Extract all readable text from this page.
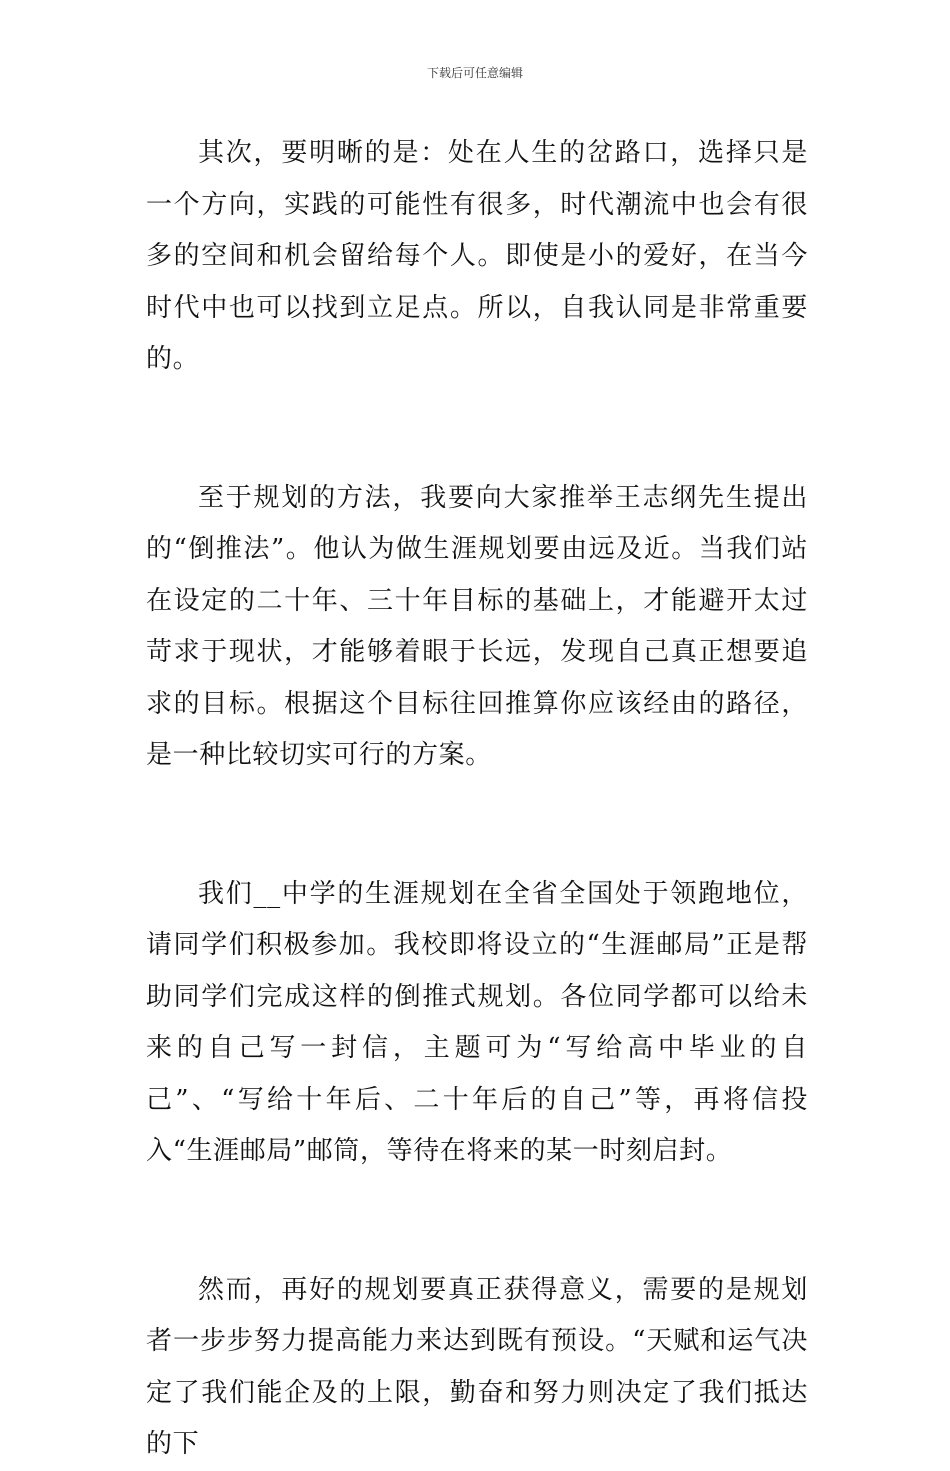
下载后可任意编辑

其次，要明晰的是：处在人生的岔路口，选择只是一个方向，实践的可能性有很多，时代潮流中也会有很多的空间和机会留给每个人。即使是小的爱好，在当今时代中也可以找到立足点。所以，自我认同是非常重要的。

至于规划的方法，我要向大家推举王志纲先生提出的“倒推法”。他认为做生涯规划要由远及近。当我们站在设定的二十年、三十年目标的基础上，才能避开太过苛求于现状，才能够着眼于长远，发现自己真正想要追求的目标。根据这个目标往回推算你应该经由的路径，是一种比较切实可行的方案。

我们__中学的生涯规划在全省全国处于领跑地位，请同学们积极参加。我校即将设立的“生涯邮局”正是帮助同学们完成这样的倒推式规划。各位同学都可以给未来的自己写一封信，主题可为“写给高中毕业的自己”、“写给十年后、二十年后的自己”等，再将信投入“生涯邮局”邮筒，等待在将来的某一时刻启封。

然而，再好的规划要真正获得意义，需要的是规划者一步步努力提高能力来达到既有预设。“天赋和运气决定了我们能企及的上限，勤奋和努力则决定了我们抵达的下
